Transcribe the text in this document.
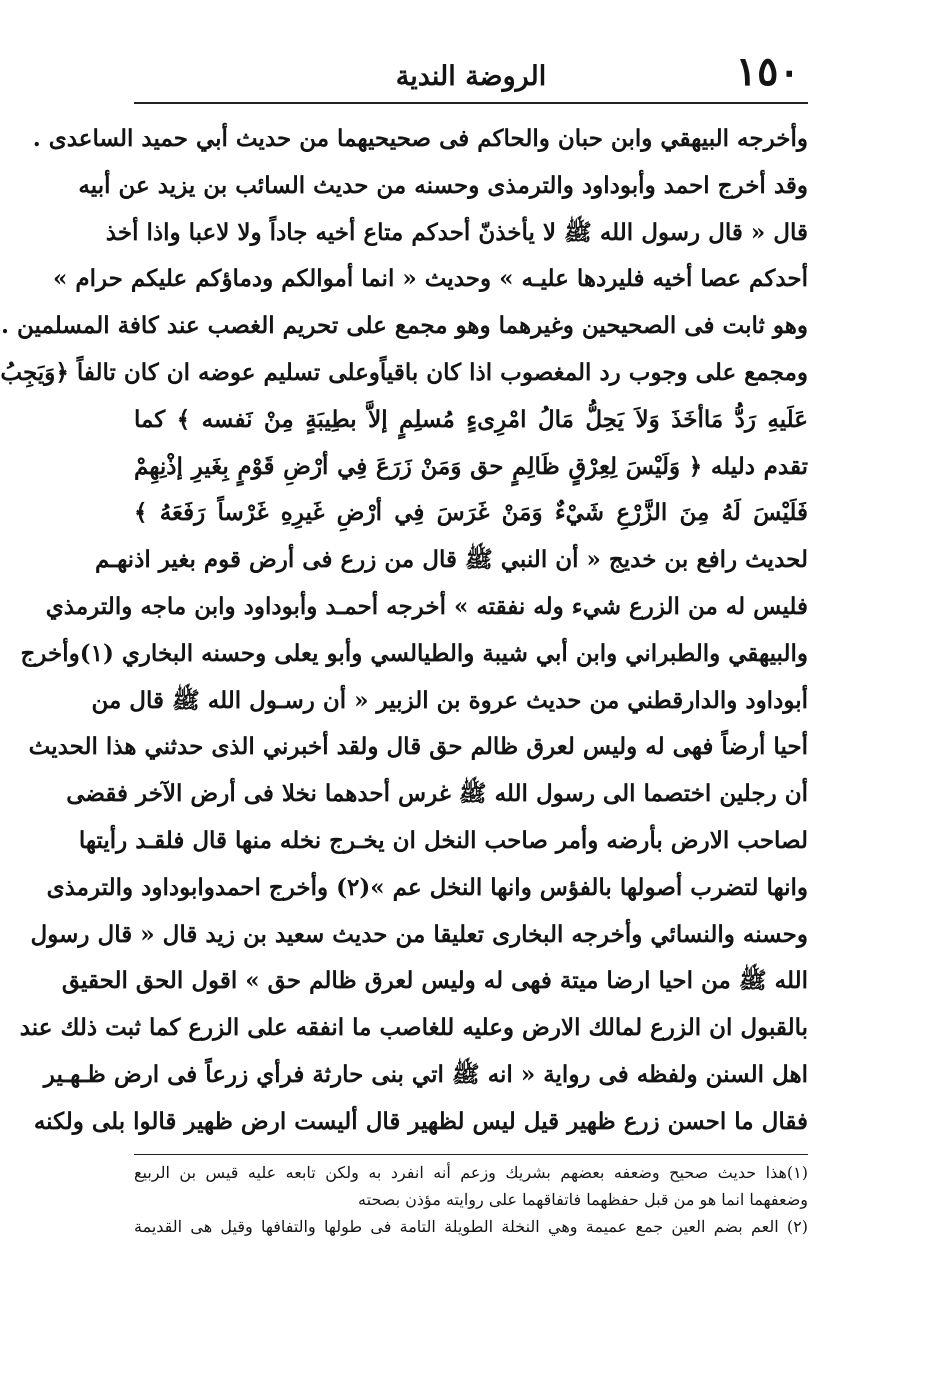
١٥٠
الروضة الندية
وأخرجه البيهقي وابن حبان والحاكم فى صحيحيهما من حديث أبي حميد الساعدى .
وقد أخرج احمد وأبوداود والترمذى وحسنه من حديث السائب بن يزيد عن أبيه
قال « قال رسول الله ﷺ لا يأخذنّ أحدكم متاع أخيه جاداً ولا لاعبا واذا أخذ
أحدكم عصا أخيه فليردها عليـه » وحديث « انما أموالكم ودماؤكم عليكم حرام »
وهو ثابت فى الصحيحين وغيرهما وهو مجمع على تحريم الغصب عند كافة المسلمين .
ومجمع على وجوب رد المغصوب اذا كان باقياًوعلى تسليم عوضه ان كان تالفاً ﴿وَيَجِبُ
عَلَيهِ رَدُّ مَاأخَذَ وَلاَ يَحِلُّ مَالُ امْرِىءٍ مُسلِمٍ إلاَّ بطِيبَةٍ مِنْ نَفسه ﴾ كما
تقدم دليله ﴿ وَلَيْسَ لِعِرْقٍ ظَالِمٍ حق وَمَنْ زَرَعَ فِي أرْضِ قَوْمٍ بِغَيرِ إذْنِهِمْ
فَلَيْسَ لَهُ مِنَ الزَّرْعِ شَيْءٌ وَمَنْ غَرَسَ فِي أرْضِ غَيرِهِ غَرْساً رَفَعَهُ ﴾
لحديث رافع بن خديج « أن النبي ﷺ قال من زرع فى أرض قوم بغير اذنهـم
فليس له من الزرع شيء وله نفقته » أخرجه أحمـد وأبوداود وابن ماجه والترمذي
والبيهقي والطبراني وابن أبي شيبة والطيالسي وأبو يعلى وحسنه البخاري (١)وأخرج
أبوداود والدارقطني من حديث عروة بن الزبير « أن رسـول الله ﷺ قال من
أحيا أرضاً فهى له وليس لعرق ظالم حق قال ولقد أخبرني الذى حدثني هذا الحديث
أن رجلين اختصما الى رسول الله ﷺ غرس أحدهما نخلا فى أرض الآخر فقضى
لصاحب الارض بأرضه وأمر صاحب النخل ان يخـرج نخله منها قال فلقـد رأيتها
وانها لتضرب أصولها بالفؤس وانها النخل عم »(٢) وأخرج احمدوابوداود والترمذى
وحسنه والنسائي وأخرجه البخارى تعليقا من حديث سعيد بن زيد قال « قال رسول
الله ﷺ من احيا ارضا ميتة فهى له وليس لعرق ظالم حق » اقول الحق الحقيق
بالقبول ان الزرع لمالك الارض وعليه للغاصب ما انفقه على الزرع كما ثبت ذلك عند
اهل السنن ولفظه فى رواية « انه ﷺ اتي بنى حارثة فرأي زرعاً فى ارض ظـهـير
فقال ما احسن زرع ظهير قيل ليس لظهير قال أليست ارض ظهير قالوا بلى ولكنه
(١)هذا حديث صحيح وضعفه بعضهم بشريك وزعم أنه انفرد به ولكن تابعه عليه قيس بن الربيع
وضعفهما انما هو من قبل حفظهما فاتفاقهما على روايته مؤذن بصحته
(٢) العم بضم العين جمع عميمة وهي النخلة الطويلة التامة فى طولها والتفافها وقيل هى القديمة
